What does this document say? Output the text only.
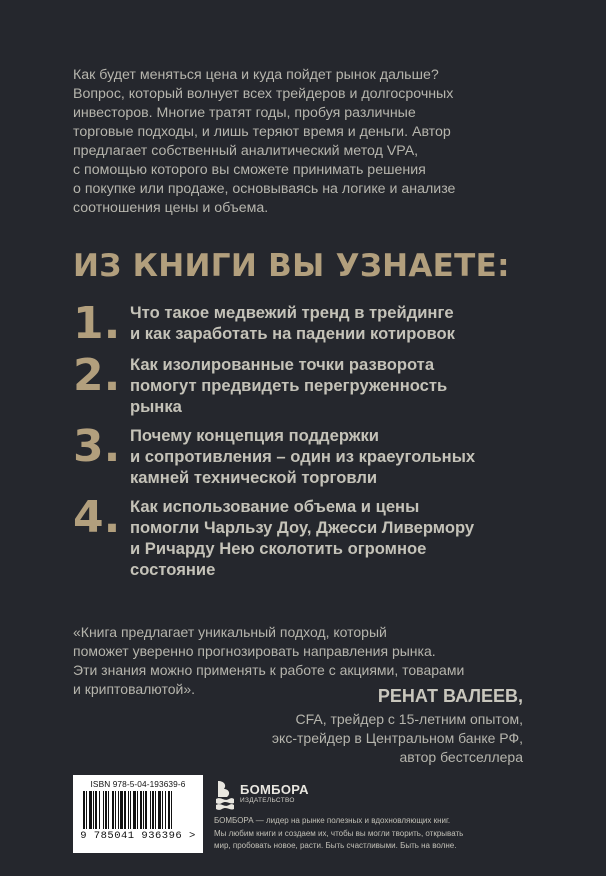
Как будет меняться цена и куда пойдет рынок дальше?
Вопрос, который волнует всех трейдеров и долгосрочных
инвесторов. Многие тратят годы, пробуя различные
торговые подходы, и лишь теряют время и деньги. Автор
предлагает собственный аналитический метод VPA,
с помощью которого вы сможете принимать решения
о покупке или продаже, основываясь на логике и анализе
соотношения цены и объема.

ИЗ КНИГИ ВЫ УЗНАЕТЕ:
1. Что такое медвежий тренд в трейдинге
и как заработать на падении котировок
2. Как изолированные точки разворота
помогут предвидеть перегруженность
рынка
3. Почему концепция поддержки
и сопротивления – один из краеугольных
камней технической торговли
4. Как использование объема и цены
помогли Чарльзу Доу, Джесси Ливермору
и Ричарду Нею сколотить огромное
состояние
«Книга предлагает уникальный подход, который
поможет уверенно прогнозировать направления рынка.
Эти знания можно применять к работе с акциями, товарами
и криптовалютой».	РЕНАТ ВАЛЕЕВ,
CFA, трейдер с 15-летним опытом,
экс-трейдер в Центральном банке РФ,
автор бестселлера
ISBN 978-5-04-193639-6
9 785041 936396 >
БОМБОРА
ИЗДАТЕЛЬСТВО
БОМБОРА — лидер на рынке полезных и вдохновляющих книг.
Мы любим книги и создаем их, чтобы вы могли творить, открывать
мир, пробовать новое, расти. Быть счастливыми. Быть на волне.
